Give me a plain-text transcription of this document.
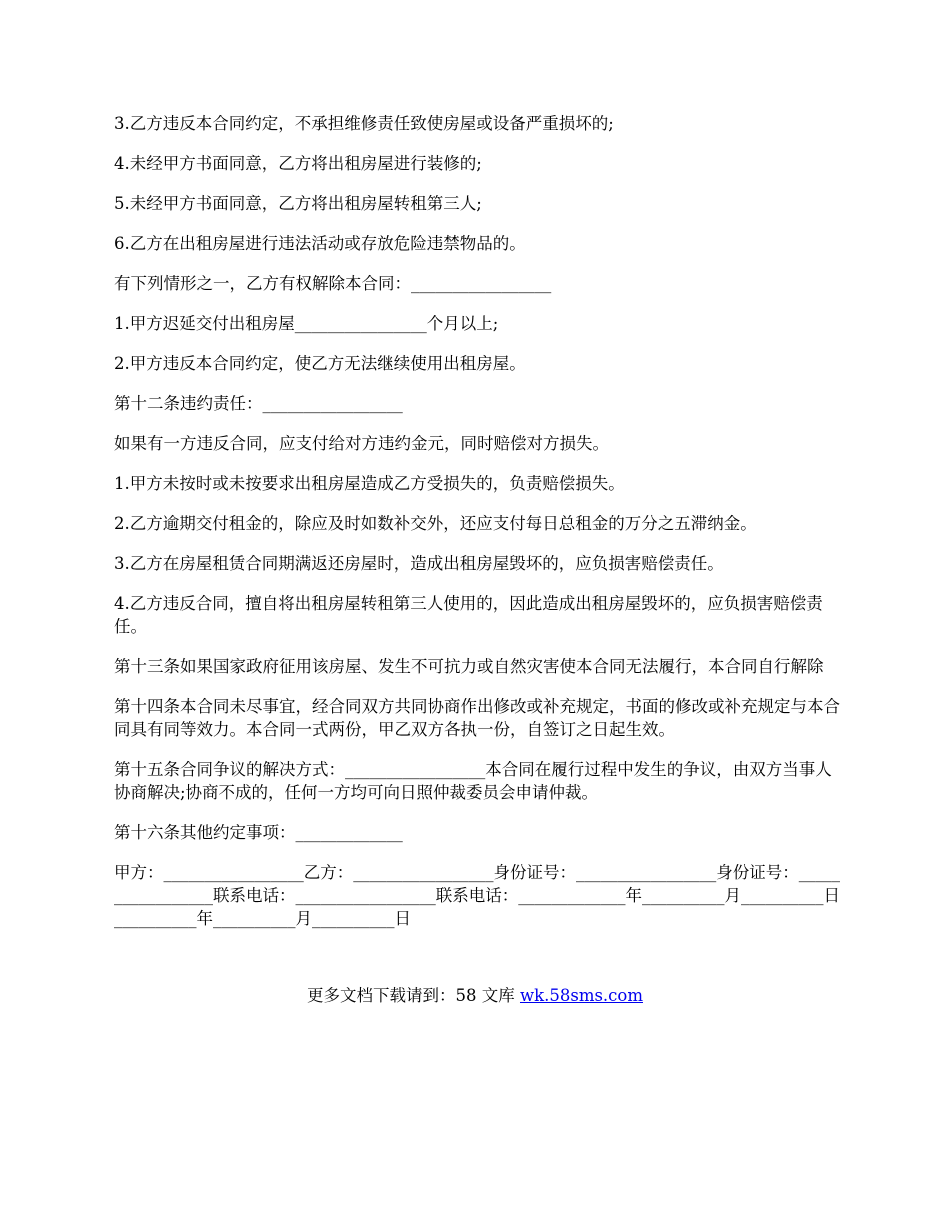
3.乙方违反本合同约定，不承担维修责任致使房屋或设备严重损坏的;

4.未经甲方书面同意，乙方将出租房屋进行装修的;

5.未经甲方书面同意，乙方将出租房屋转租第三人;

6.乙方在出租房屋进行违法活动或存放危险违禁物品的。

有下列情形之一，乙方有权解除本合同：_________________

1.甲方迟延交付出租房屋________________个月以上;

2.甲方违反本合同约定，使乙方无法继续使用出租房屋。

第十二条违约责任：_________________

如果有一方违反合同，应支付给对方违约金元，同时赔偿对方损失。

1.甲方未按时或未按要求出租房屋造成乙方受损失的，负责赔偿损失。

2.乙方逾期交付租金的，除应及时如数补交外，还应支付每日总租金的万分之五滞纳金。

3.乙方在房屋租赁合同期满返还房屋时，造成出租房屋毁坏的，应负损害赔偿责任。

4.乙方违反合同，擅自将出租房屋转租第三人使用的，因此造成出租房屋毁坏的，应负损害赔偿责任。

第十三条如果国家政府征用该房屋、发生不可抗力或自然灾害使本合同无法履行，本合同自行解除

第十四条本合同未尽事宜，经合同双方共同协商作出修改或补充规定，书面的修改或补充规定与本合同具有同等效力。本合同一式两份，甲乙双方各执一份，自签订之日起生效。

第十五条合同争议的解决方式：_________________本合同在履行过程中发生的争议，由双方当事人协商解决;协商不成的，任何一方均可向日照仲裁委员会申请仲裁。

第十六条其他约定事项：_____________

甲方：_________________乙方：_________________身份证号：_________________身份证号：_________________联系电话：_________________联系电话：_____________年__________月__________日__________年__________月__________日

更多文档下载请到：58 文库 wk.58sms.com
